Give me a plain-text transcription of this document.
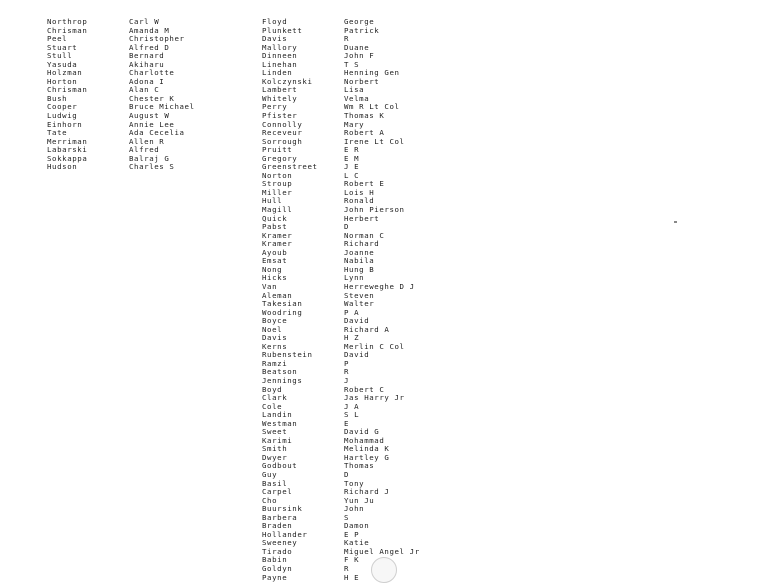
Northrop
Chrisman
Peel
Stuart
Stull
Yasuda
Holzman
Horton
Chrisman
Bush
Cooper
Ludwig
Einhorn
Tate
Merriman
Labarski
Sokkappa
Hudson
Carl W
Amanda M
Christopher
Alfred D
Bernard
Akiharu
Charlotte
Adona I
Alan C
Chester K
Bruce Michael
August W
Annie Lee
Ada Cecelia
Allen R
Alfred
Balraj G
Charles S
Floyd
Plunkett
Davis
Mallory
Dinneen
Linehan
Linden
Kolczynski
Lambert
Whitely
Perry
Pfister
Connolly
Receveur
Sorrough
Pruitt
Gregory
Greenstreet
Norton
Stroup
Miller
Hull
Magill
Quick
Pabst
Kramer
Kramer
Ayoub
Emsat
Nong
Hicks
Van
Aleman
Takesian
Woodring
Boyce
Noel
Davis
Kerns
Rubenstein
Ramzi
Beatson
Jennings
Boyd
Clark
Cole
Landin
Westman
Sweet
Karimi
Smith
Dwyer
Godbout
Guy
Basil
Carpel
Cho
Buursink
Barbera
Braden
Hollander
Sweeney
Tirado
Babin
Goldyn
Payne
George
Patrick
R
Duane
John F
T S
Henning Gen
Norbert
Lisa
Velma
Wm R Lt Col
Thomas K
Mary
Robert A
Irene Lt Col
E R
E M
J E
L C
Robert E
Lois H
Ronald
John Pierson
Herbert
D
Norman C
Richard
Joanne
Nabila
Hung B
Lynn
Herreweghe D J
Steven
Walter
P A
David
Richard A
H Z
Merlin C Col
David
P
R
J
Robert C
Jas Harry Jr
J A
S L
E
David G
Mohammad
Melinda K
Hartley G
Thomas
D
Tony
Richard J
Yun Ju
John
S
Damon
E P
Katie
Miguel Angel Jr
F K
R
H E
